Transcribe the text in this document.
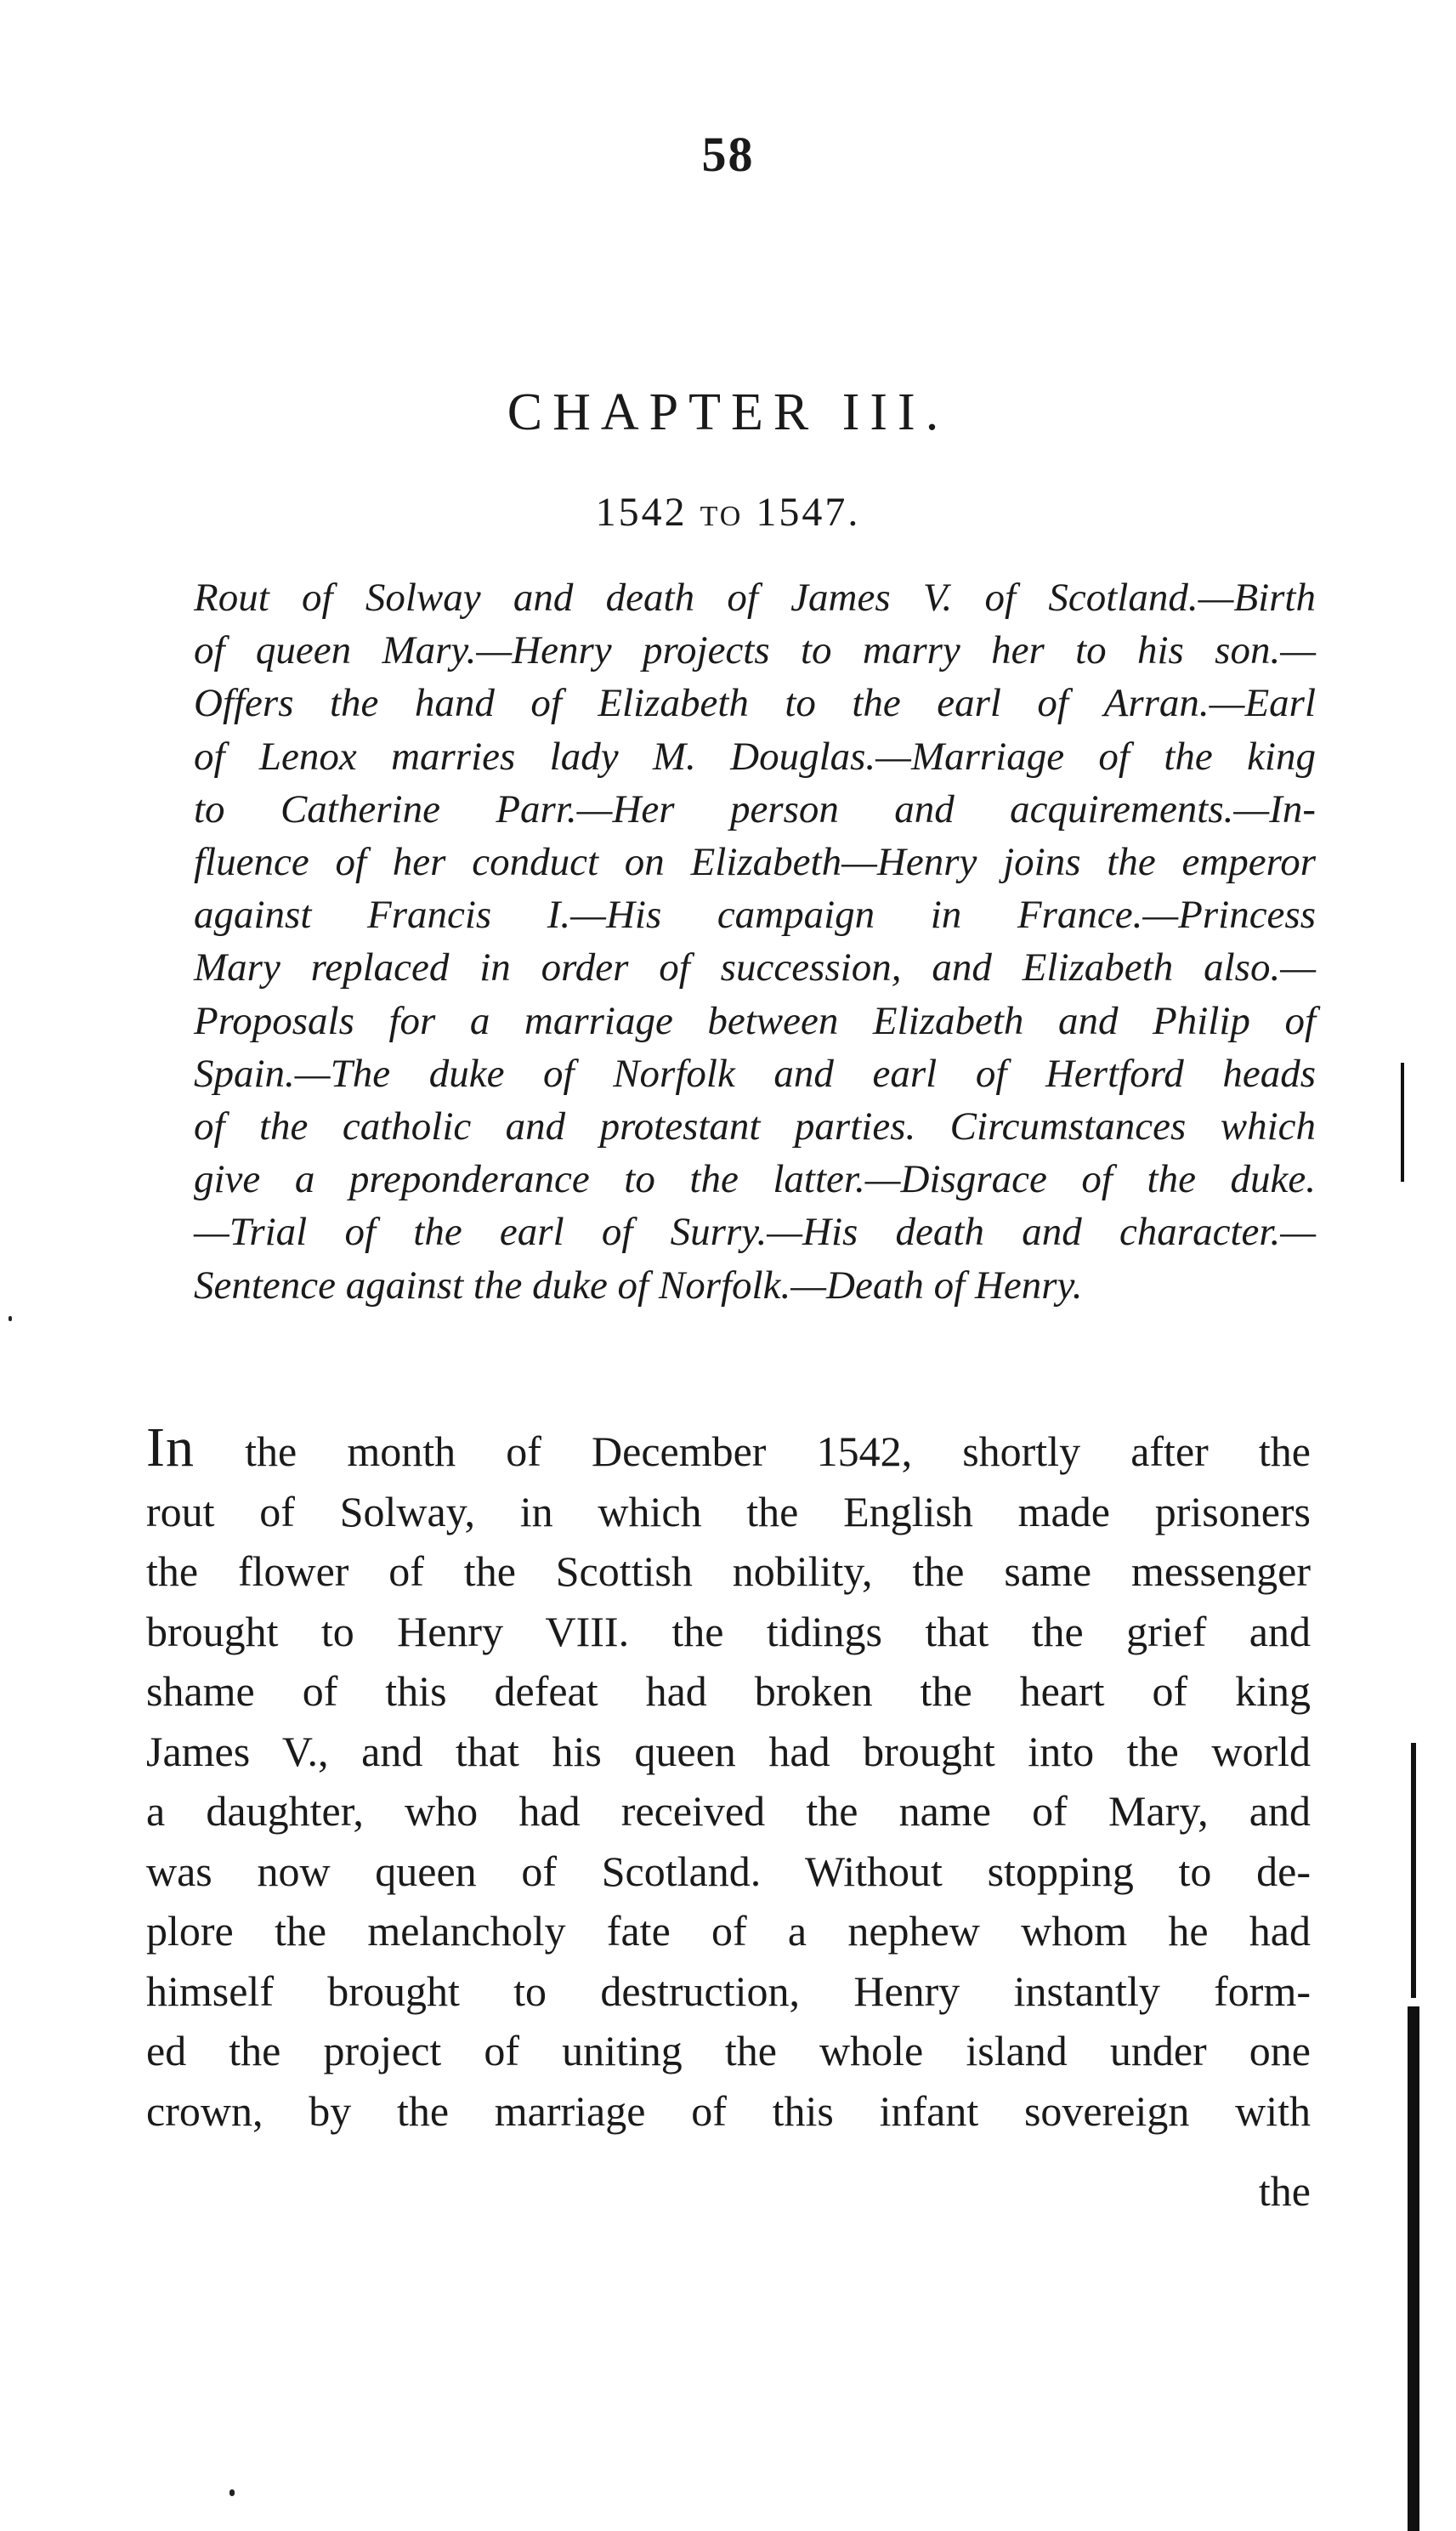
58
CHAPTER III.
1542 to 1547.
Rout of Solway and death of James V. of Scotland.—Birth
of queen Mary.—Henry projects to marry her to his son.—
Offers the hand of Elizabeth to the earl of Arran.—Earl
of Lenox marries lady M. Douglas.—Marriage of the king
to Catherine Parr.—Her person and acquirements.—In-
fluence of her conduct on Elizabeth—Henry joins the emperor
against Francis I.—His campaign in France.—Princess
Mary replaced in order of succession, and Elizabeth also.—
Proposals for a marriage between Elizabeth and Philip of
Spain.—The duke of Norfolk and earl of Hertford heads
of the catholic and protestant parties. Circumstances which
give a preponderance to the latter.—Disgrace of the duke.
—Trial of the earl of Surry.—His death and character.—
Sentence against the duke of Norfolk.—Death of Henry.
In the month of December 1542, shortly after the
rout of Solway, in which the English made prisoners
the flower of the Scottish nobility, the same messenger
brought to Henry VIII. the tidings that the grief and
shame of this defeat had broken the heart of king
James V., and that his queen had brought into the world
a daughter, who had received the name of Mary, and
was now queen of Scotland. Without stopping to de-
plore the melancholy fate of a nephew whom he had
himself brought to destruction, Henry instantly form-
ed the project of uniting the whole island under one
crown, by the marriage of this infant sovereign with
the
